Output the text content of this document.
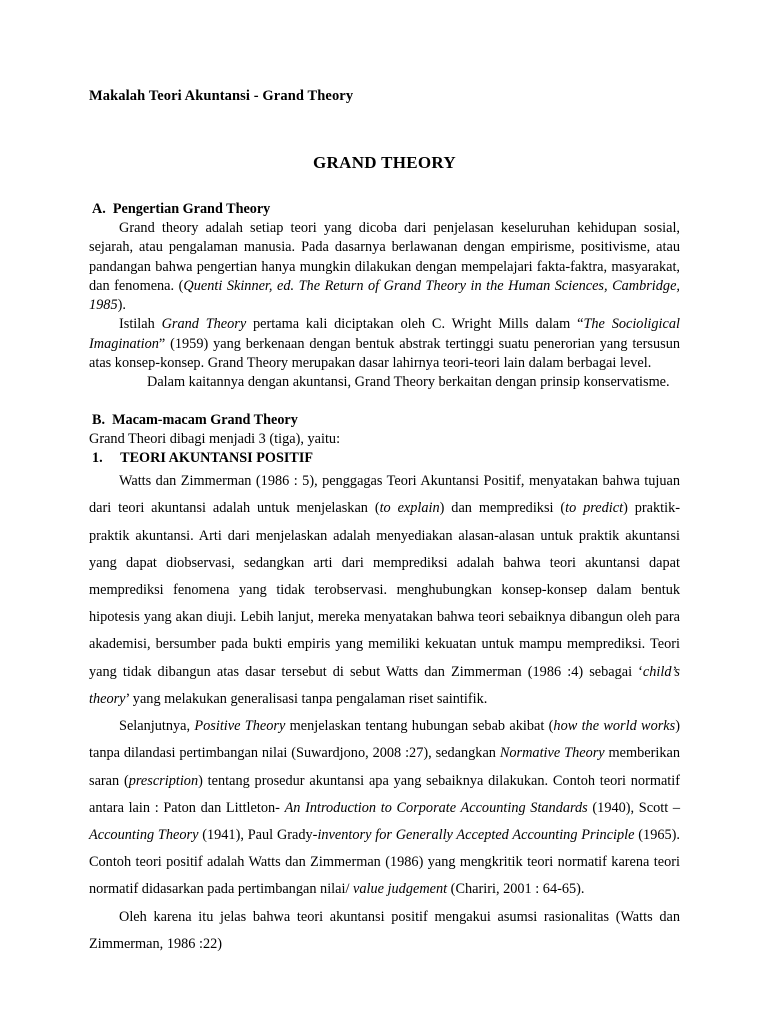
Makalah Teori Akuntansi - Grand Theory
GRAND THEORY
A.  Pengertian Grand Theory

Grand theory adalah setiap teori yang dicoba dari penjelasan keseluruhan kehidupan sosial, sejarah, atau pengalaman manusia. Pada dasarnya berlawanan dengan empirisme, positivisme, atau pandangan bahwa pengertian hanya mungkin dilakukan dengan mempelajari fakta-faktra, masyarakat, dan fenomena. (Quenti Skinner, ed. The Return of Grand Theory in the Human Sciences, Cambridge, 1985).

Istilah Grand Theory pertama kali diciptakan oleh C. Wright Mills dalam “The Socioligical Imagination” (1959) yang berkenaan dengan bentuk abstrak tertinggi suatu penerorian yang tersusun atas konsep-konsep. Grand Theory merupakan dasar lahirnya teori-teori lain dalam berbagai level.

Dalam kaitannya dengan akuntansi, Grand Theory berkaitan dengan prinsip konservatisme.

B.  Macam-macam Grand Theory
Grand Theori dibagi menjadi 3 (tiga), yaitu:
1.     TEORI AKUNTANSI POSITIF

Watts dan Zimmerman (1986 : 5), penggagas Teori Akuntansi Positif, menyatakan bahwa tujuan dari teori akuntansi adalah untuk menjelaskan (to explain) dan memprediksi (to predict) praktik- praktik akuntansi. Arti dari menjelaskan adalah menyediakan alasan-alasan untuk praktik akuntansi yang dapat diobservasi, sedangkan arti dari memprediksi adalah bahwa teori akuntansi dapat memprediksi fenomena yang tidak terobservasi. menghubungkan konsep-konsep dalam bentuk hipotesis yang akan diuji. Lebih lanjut, mereka menyatakan bahwa teori sebaiknya dibangun oleh para akademisi, bersumber pada bukti empiris yang memiliki kekuatan untuk mampu memprediksi. Teori yang tidak dibangun atas dasar tersebut di sebut Watts dan Zimmerman (1986 :4) sebagai ‘child’s theory’ yang melakukan generalisasi tanpa pengalaman riset saintifik.

Selanjutnya, Positive Theory menjelaskan tentang hubungan sebab akibat (how the world works) tanpa dilandasi pertimbangan nilai (Suwardjono, 2008 :27), sedangkan Normative Theory memberikan saran (prescription) tentang prosedur akuntansi apa yang sebaiknya dilakukan. Contoh teori normatif antara lain : Paton dan Littleton- An Introduction to Corporate Accounting Standards (1940), Scott – Accounting Theory (1941), Paul Grady-inventory for Generally Accepted Accounting Principle (1965). Contoh teori positif adalah Watts dan Zimmerman (1986) yang mengkritik teori normatif karena teori normatif didasarkan pada pertimbangan nilai/ value judgement (Chariri, 2001 : 64-65).

Oleh karena itu jelas bahwa teori akuntansi positif mengakui asumsi rasionalitas (Watts dan Zimmerman, 1986 :22)
